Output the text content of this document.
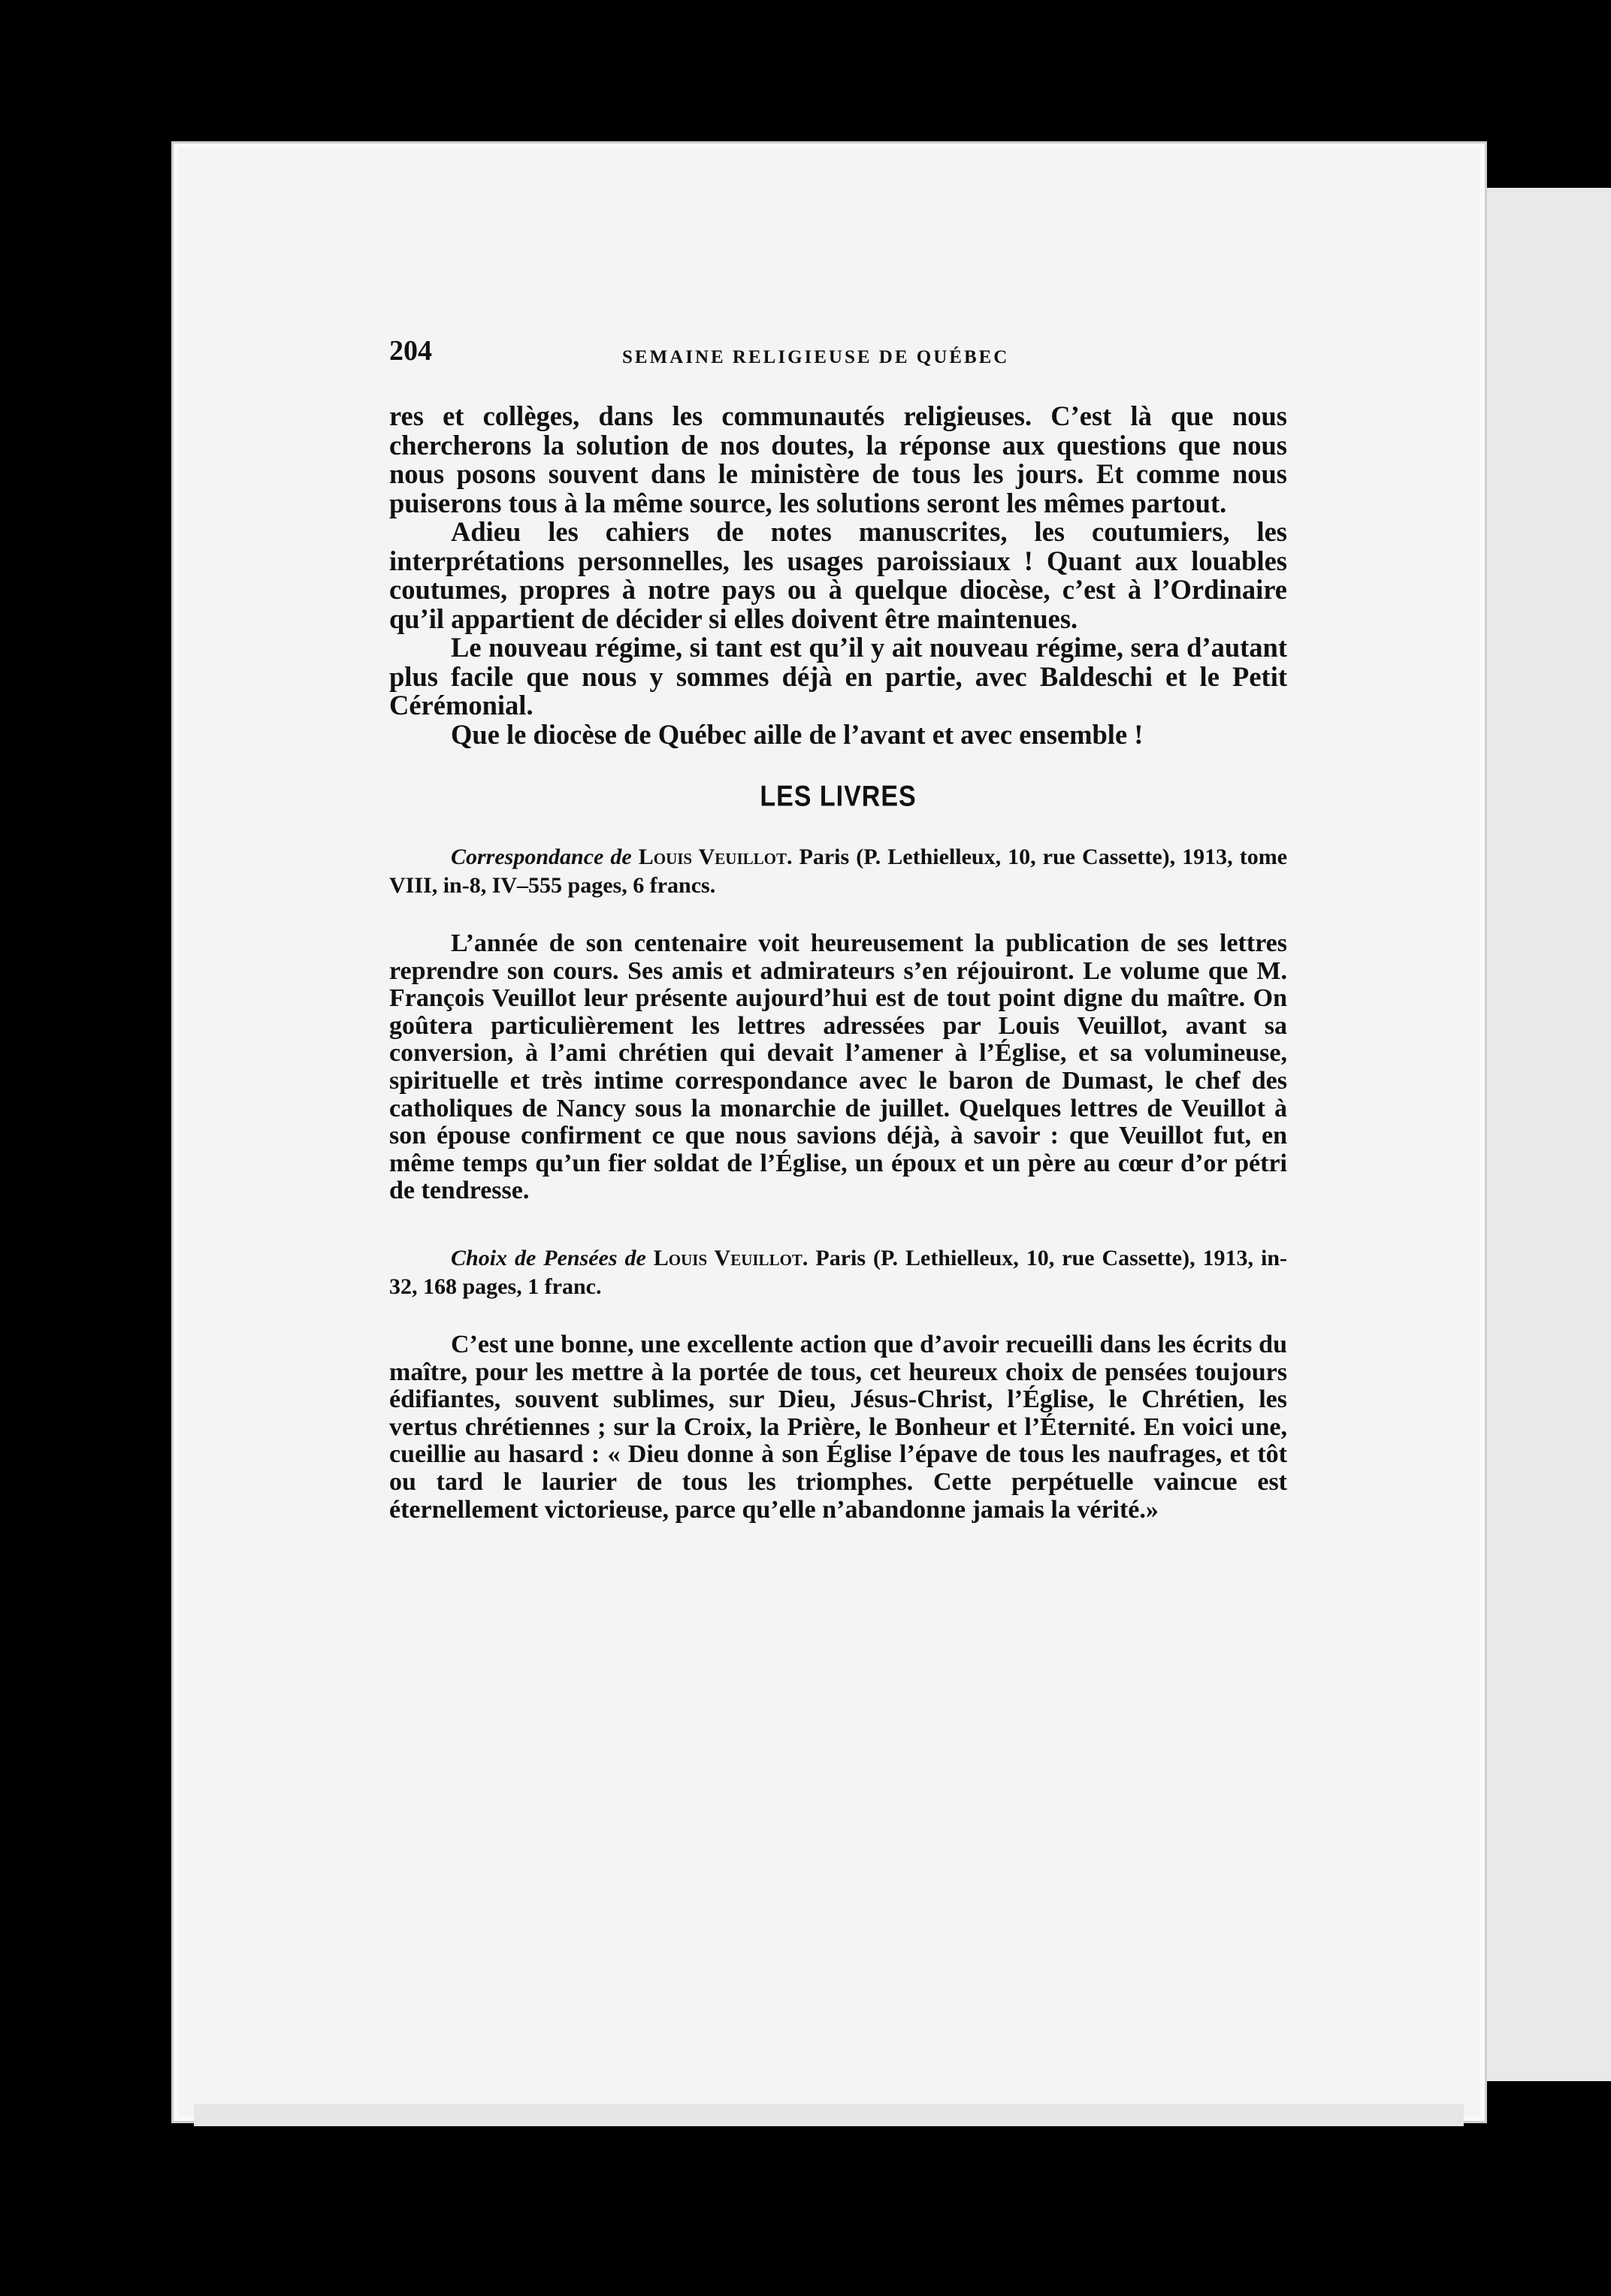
204	SEMAINE RELIGIEUSE DE QUÉBEC

res et collèges, dans les communautés religieuses. C’est là que nous chercherons la solution de nos doutes, la réponse aux questions que nous nous posons souvent dans le ministère de tous les jours. Et comme nous puiserons tous à la même source, les solutions seront les mêmes partout.

Adieu les cahiers de notes manuscrites, les coutumiers, les interprétations personnelles, les usages paroissiaux ! Quant aux louables coutumes, propres à notre pays ou à quelque diocèse, c’est à l’Ordinaire qu’il appartient de décider si elles doivent être maintenues.

Le nouveau régime, si tant est qu’il y ait nouveau régime, sera d’autant plus facile que nous y sommes déjà en partie, avec Baldeschi et le Petit Cérémonial.

Que le diocèse de Québec aille de l’avant et avec ensemble !

LES LIVRES

Correspondance de Louis Veuillot. Paris (P. Lethielleux, 10, rue Cassette), 1913, tome VIII, in-8, IV–555 pages, 6 francs.

L’année de son centenaire voit heureusement la publication de ses lettres reprendre son cours. Ses amis et admirateurs s’en réjouiront. Le volume que M. François Veuillot leur présente aujourd’hui est de tout point digne du maître. On goûtera particulièrement les lettres adressées par Louis Veuillot, avant sa conversion, à l’ami chrétien qui devait l’amener à l’Église, et sa volumineuse, spirituelle et très intime correspondance avec le baron de Dumast, le chef des catholiques de Nancy sous la monarchie de juillet. Quelques lettres de Veuillot à son épouse confirment ce que nous savions déjà, à savoir : que Veuillot fut, en même temps qu’un fier soldat de l’Église, un époux et un père au cœur d’or pétri de tendresse.

Choix de Pensées de Louis Veuillot. Paris (P. Lethielleux, 10, rue Cassette), 1913, in-32, 168 pages, 1 franc.

C’est une bonne, une excellente action que d’avoir recueilli dans les écrits du maître, pour les mettre à la portée de tous, cet heureux choix de pensées toujours édifiantes, souvent sublimes, sur Dieu, Jésus-Christ, l’Église, le Chrétien, les vertus chrétiennes ; sur la Croix, la Prière, le Bonheur et l’Éternité. En voici une, cueillie au hasard : « Dieu donne à son Église l’épave de tous les naufrages, et tôt ou tard le laurier de tous les triomphes. Cette perpétuelle vaincue est éternellement victorieuse, parce qu’elle n’abandonne jamais la vérité.»
